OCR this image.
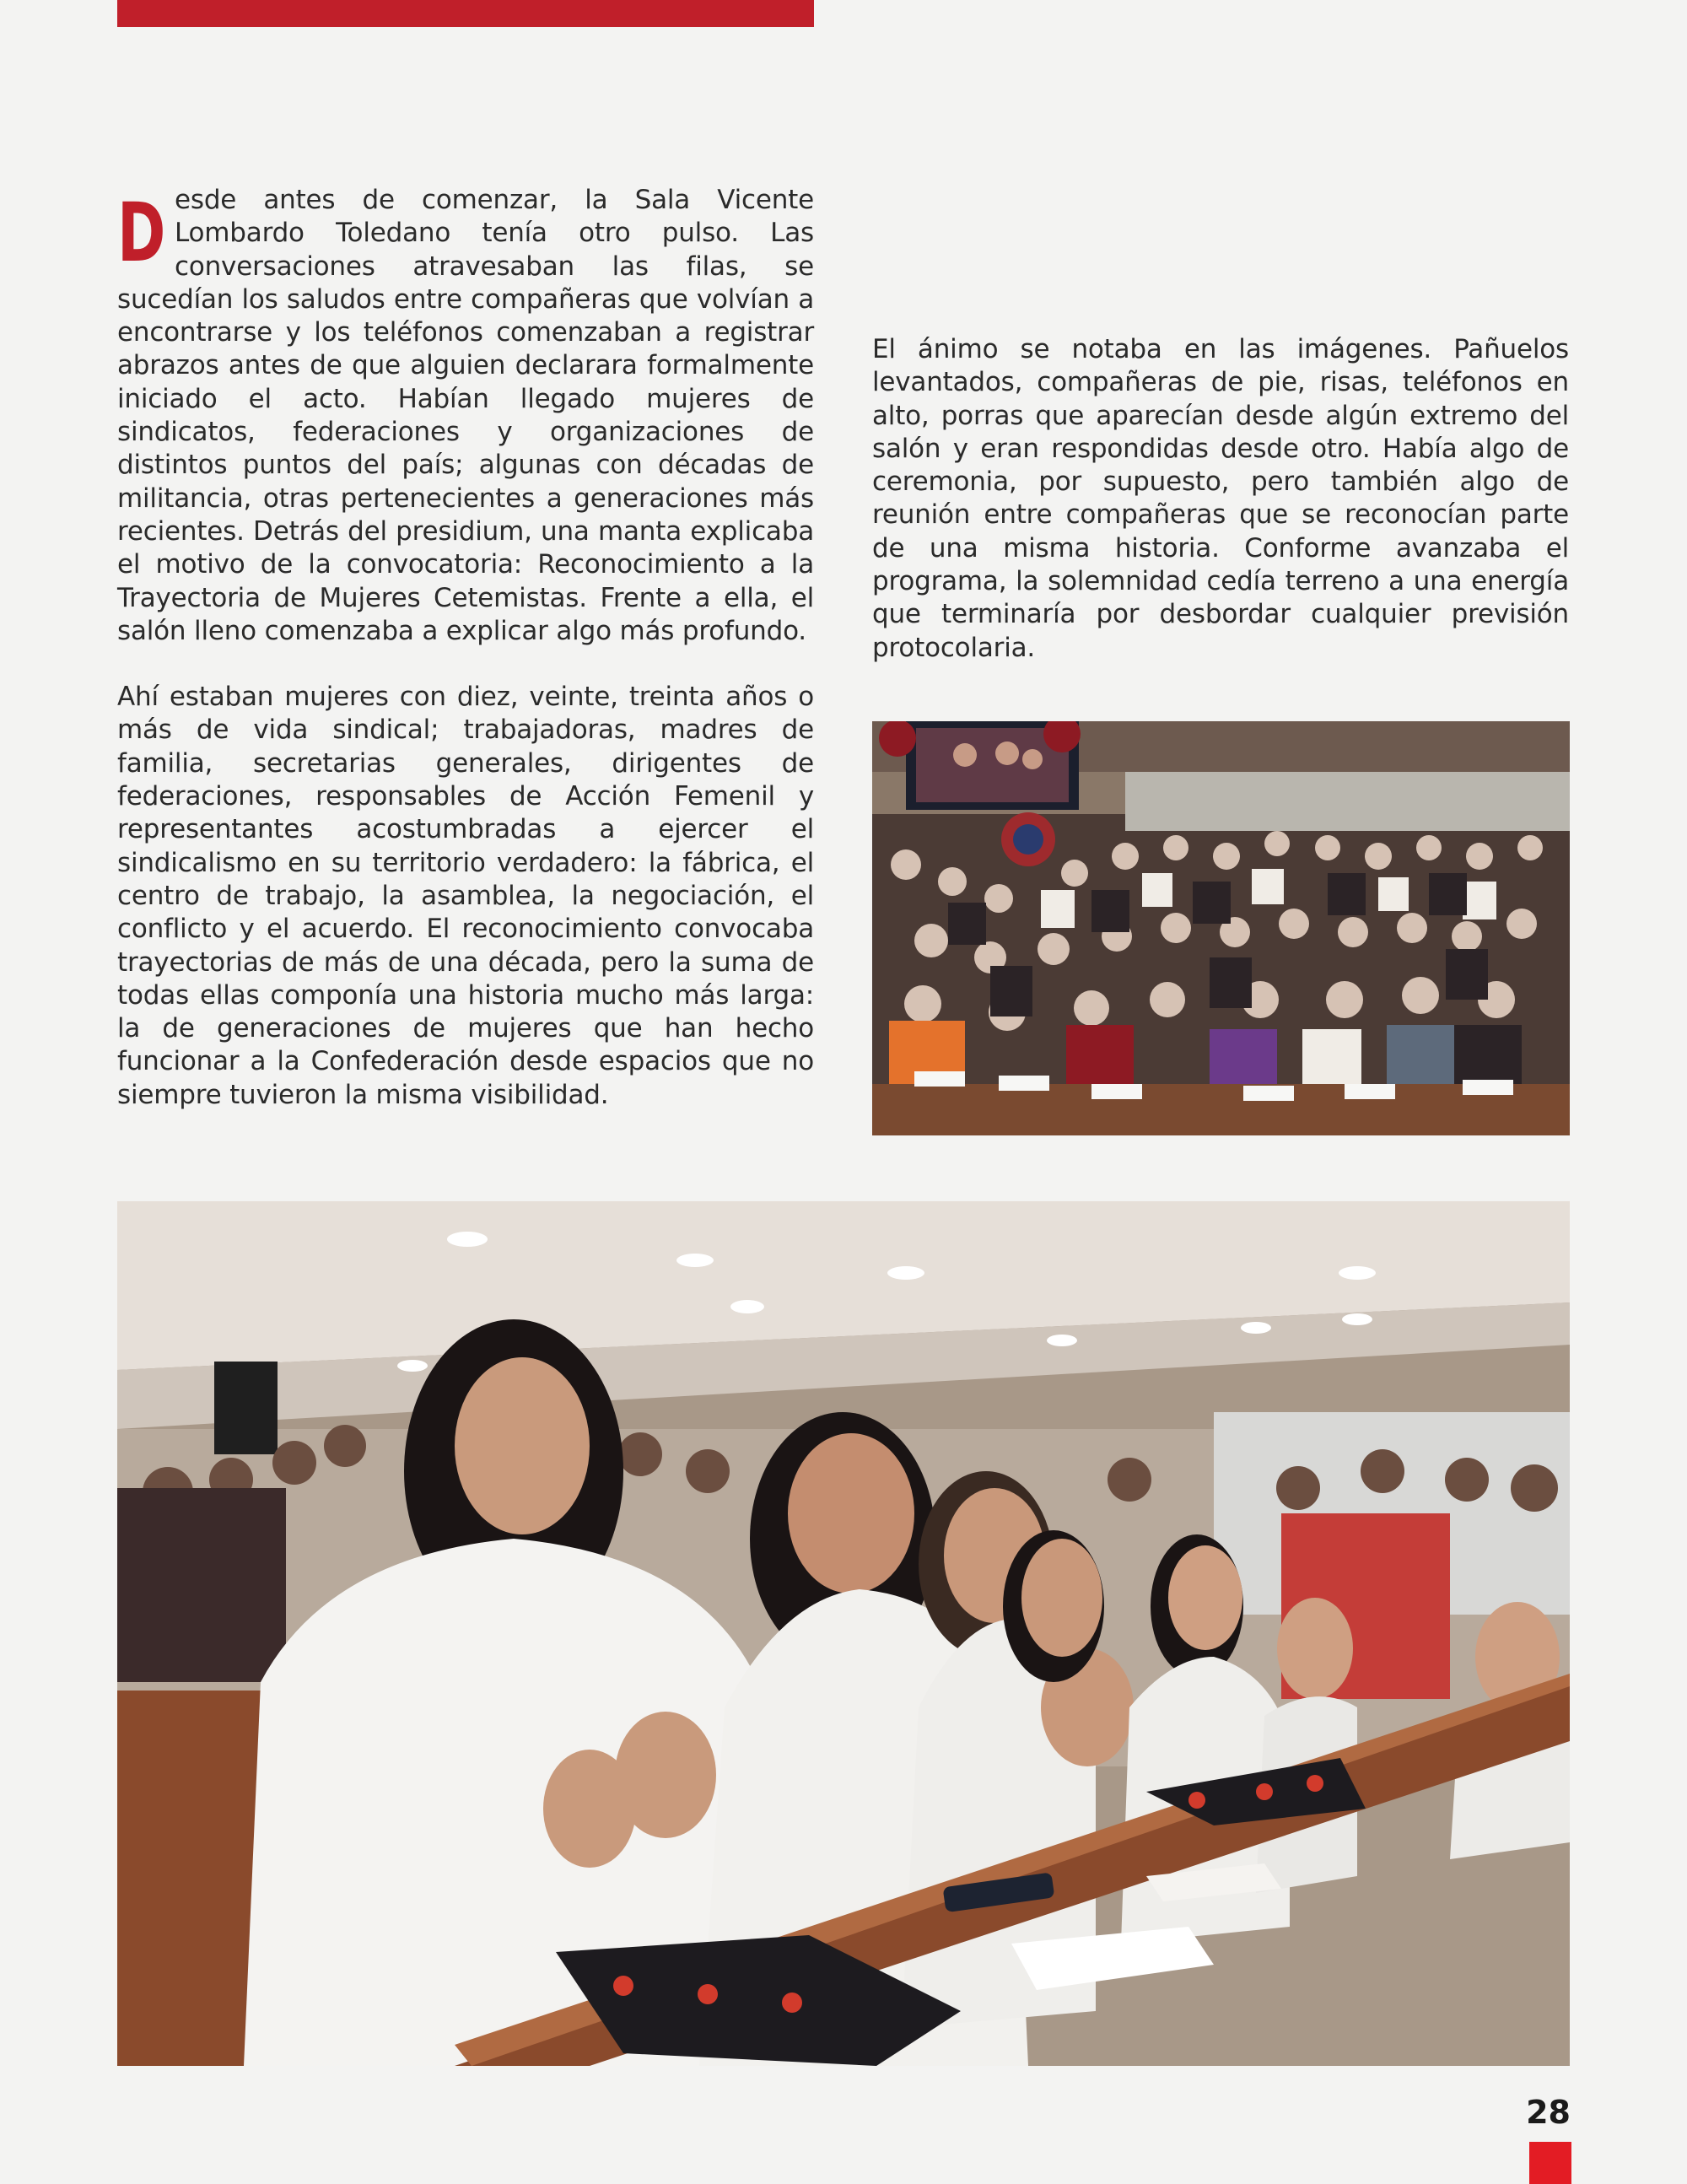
D esde antes de comenzar, la Sala Vicente Lombardo Toledano tenía otro pulso. Las conversaciones atravesaban las filas, se sucedían los saludos entre compañeras que volvían a encontrarse y los teléfonos comenzaban a registrar abrazos antes de que alguien declarara formalmente iniciado el acto. Habían llegado mujeres de sindicatos, federaciones y organizaciones de distintos puntos del país; algunas con décadas de militancia, otras pertenecientes a generaciones más recientes. Detrás del presidium, una manta explicaba el motivo de la convocatoria: Reconocimiento a la Trayectoria de Mujeres Cetemistas. Frente a ella, el salón lleno comenzaba a explicar algo más profundo.

Ahí estaban mujeres con diez, veinte, treinta años o más de vida sindical; trabajadoras, madres de familia, secretarias generales, dirigentes de federaciones, responsables de Acción Femenil y representantes acostumbradas a ejercer el sindicalismo en su territorio verdadero: la fábrica, el centro de trabajo, la asamblea, la negociación, el conflicto y el acuerdo. El reconocimiento convocaba trayectorias de más de una década, pero la suma de todas ellas componía una historia mucho más larga: la de generaciones de mujeres que han hecho funcionar a la Confederación desde espacios que no siempre tuvieron la misma visibilidad.

El ánimo se notaba en las imágenes. Pañuelos levantados, compañeras de pie, risas, teléfonos en alto, porras que aparecían desde algún extremo del salón y eran respondidas desde otro. Había algo de ceremonia, por supuesto, pero también algo de reunión entre compañeras que se reconocían parte de una misma historia. Conforme avanzaba el programa, la solemnidad cedía terreno a una energía que terminaría por desbordar cualquier previsión protocolaria.

28
